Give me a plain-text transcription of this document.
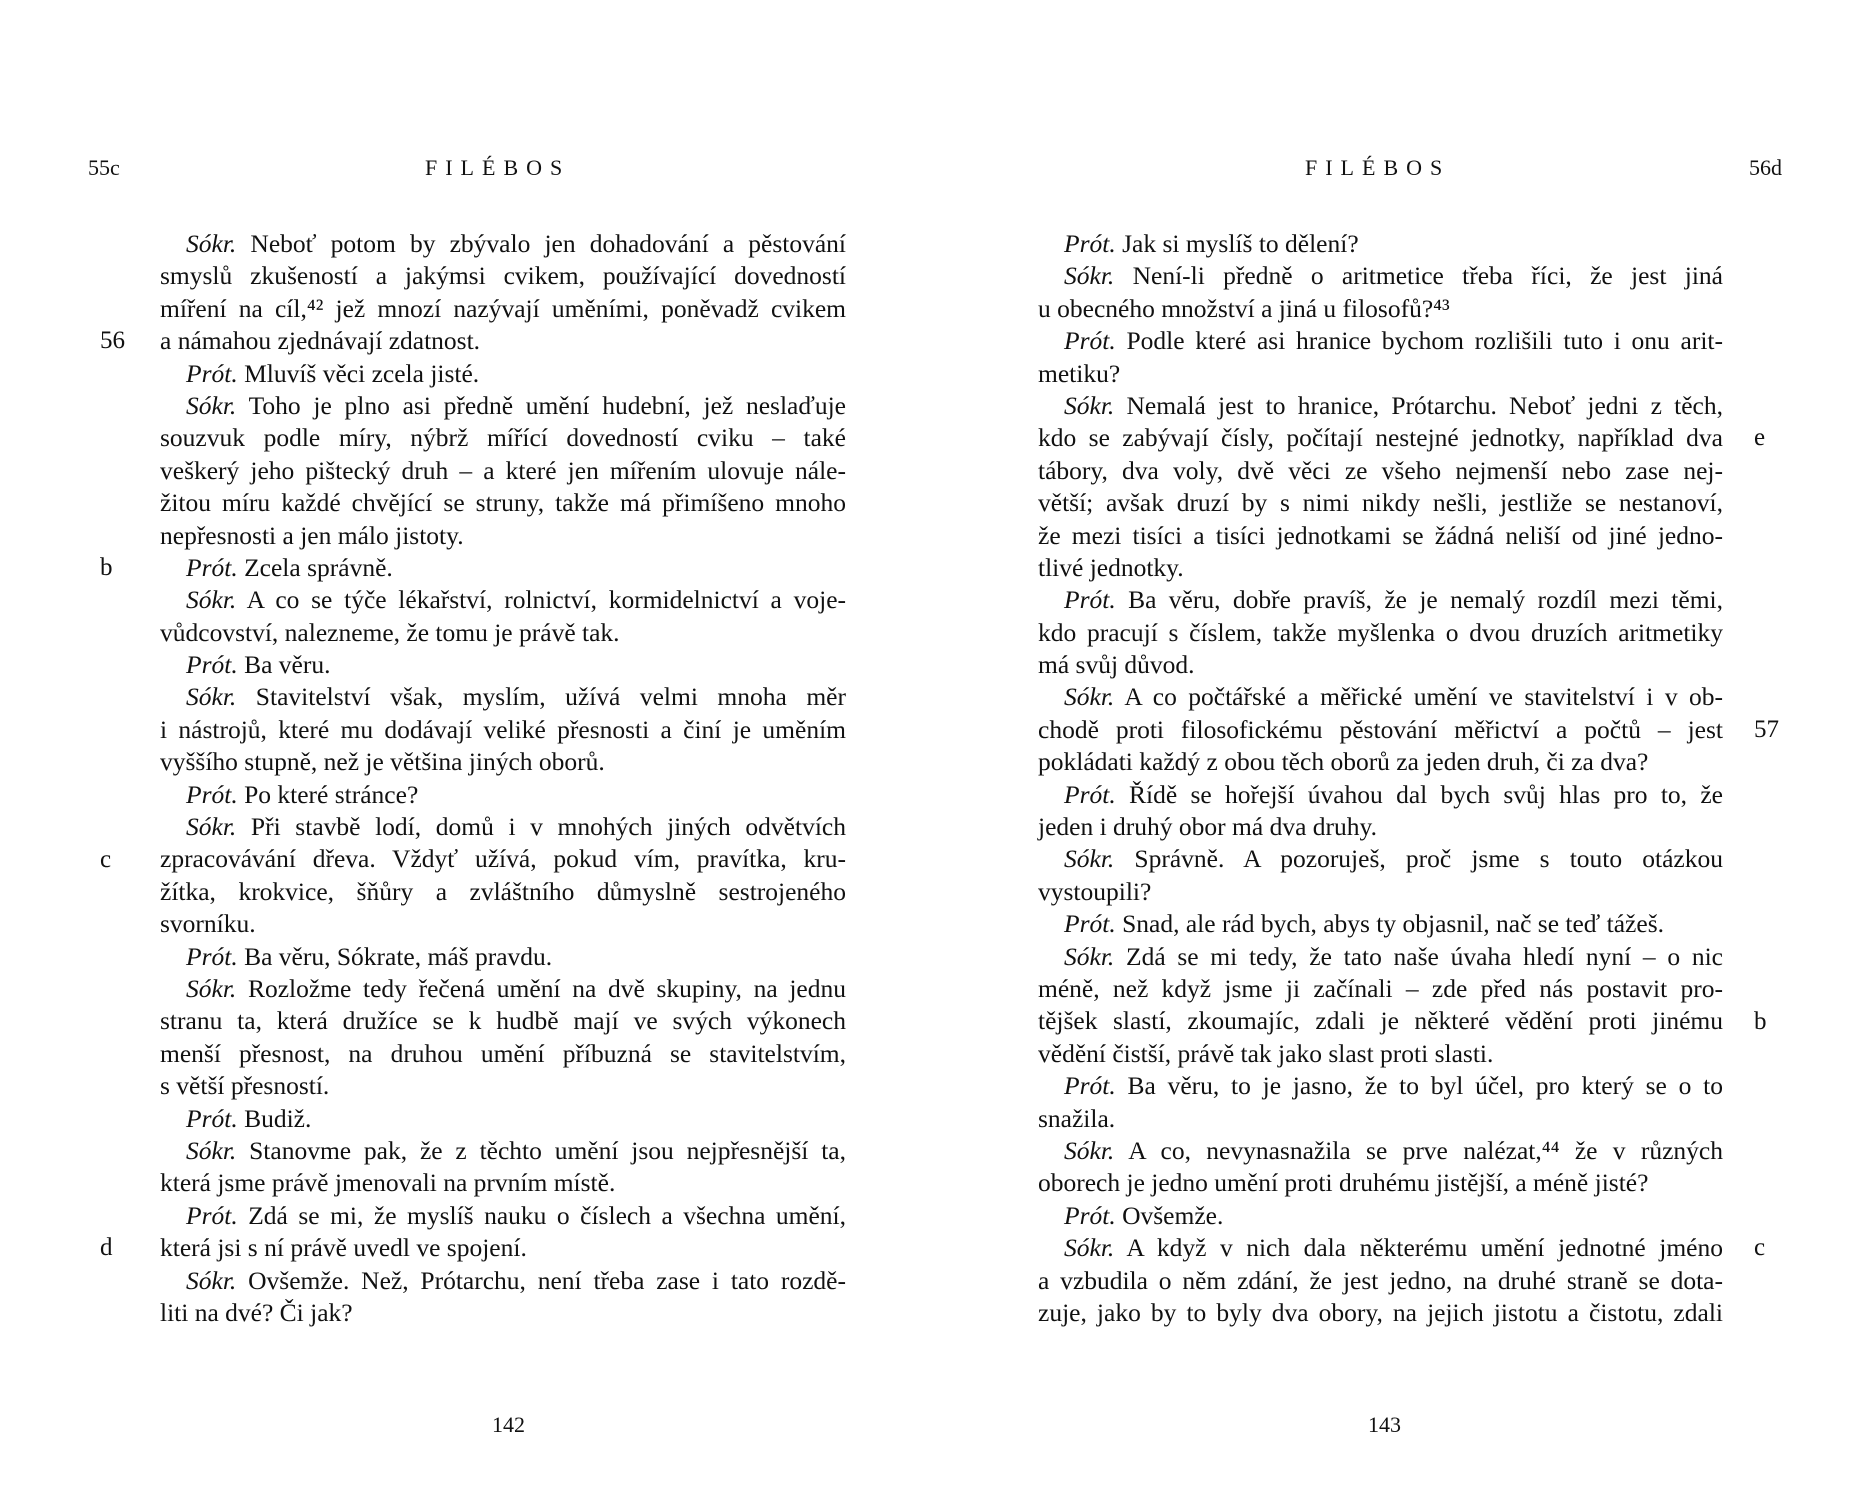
55c	FILÉBOS
Sókr. Neboť potom by zbývalo jen dohadování a pěstování
smyslů zkušeností a jakýmsi cvikem, používající dovedností
míření na cíl,⁴² jež mnozí nazývají uměními, poněvadž cvikem
a námahou zjednávají zdatnost.
Prót. Mluvíš věci zcela jisté.
Sókr. Toho je plno asi předně umění hudební, jež neslaďuje
souzvuk podle míry, nýbrž mířící dovedností cviku – také
veškerý jeho pištecký druh – a které jen mířením ulovuje nále-
žitou míru každé chvějící se struny, takže má přimíšeno mnoho
nepřesnosti a jen málo jistoty.
Prót. Zcela správně.
Sókr. A co se týče lékařství, rolnictví, kormidelnictví a voje-
vůdcovství, nalezneme, že tomu je právě tak.
Prót. Ba věru.
Sókr. Stavitelství však, myslím, užívá velmi mnoha měr
i nástrojů, které mu dodávají veliké přesnosti a činí je uměním
vyššího stupně, než je většina jiných oborů.
Prót. Po které stránce?
Sókr. Při stavbě lodí, domů i v mnohých jiných odvětvích
zpracovávání dřeva. Vždyť užívá, pokud vím, pravítka, kru-
žítka, krokvice, šňůry a zvláštního důmyslně sestrojeného
svorníku.
Prót. Ba věru, Sókrate, máš pravdu.
Sókr. Rozložme tedy řečená umění na dvě skupiny, na jednu
stranu ta, která družíce se k hudbě mají ve svých výkonech
menší přesnost, na druhou umění příbuzná se stavitelstvím,
s větší přesností.
Prót. Budiž.
Sókr. Stanovme pak, že z těchto umění jsou nejpřesnější ta,
která jsme právě jmenovali na prvním místě.
Prót. Zdá se mi, že myslíš nauku o číslech a všechna umění,
která jsi s ní právě uvedl ve spojení.
Sókr. Ovšemže. Než, Prótarchu, není třeba zase i tato rozdě-
liti na dvé? Či jak?
56
b
c
d
142
FILÉBOS	56d
Prót. Jak si myslíš to dělení?
Sókr. Není-li předně o aritmetice třeba říci, že jest jiná
u obecného množství a jiná u filosofů?⁴³
Prót. Podle které asi hranice bychom rozlišili tuto i onu arit-
metiku?
Sókr. Nemalá jest to hranice, Prótarchu. Neboť jedni z těch,
kdo se zabývají čísly, počítají nestejné jednotky, například dva
tábory, dva voly, dvě věci ze všeho nejmenší nebo zase nej-
větší; avšak druzí by s nimi nikdy nešli, jestliže se nestanoví,
že mezi tisíci a tisíci jednotkami se žádná neliší od jiné jedno-
tlivé jednotky.
Prót. Ba věru, dobře pravíš, že je nemalý rozdíl mezi těmi,
kdo pracují s číslem, takže myšlenka o dvou druzích aritmetiky
má svůj důvod.
Sókr. A co počtářské a měřické umění ve stavitelství i v ob-
chodě proti filosofickému pěstování měřictví a počtů – jest
pokládati každý z obou těch oborů za jeden druh, či za dva?
Prót. Řídě se hořejší úvahou dal bych svůj hlas pro to, že
jeden i druhý obor má dva druhy.
Sókr. Správně. A pozoruješ, proč jsme s touto otázkou
vystoupili?
Prót. Snad, ale rád bych, abys ty objasnil, nač se teď tážeš.
Sókr. Zdá se mi tedy, že tato naše úvaha hledí nyní – o nic
méně, než když jsme ji začínali – zde před nás postavit pro-
tějšek slastí, zkoumajíc, zdali je některé vědění proti jinému
vědění čistší, právě tak jako slast proti slasti.
Prót. Ba věru, to je jasno, že to byl účel, pro který se o to
snažila.
Sókr. A co, nevynasnažila se prve nalézat,⁴⁴ že v různých
oborech je jedno umění proti druhému jistější, a méně jisté?
Prót. Ovšemže.
Sókr. A když v nich dala některému umění jednotné jméno
a vzbudila o něm zdání, že jest jedno, na druhé straně se dota-
zuje, jako by to byly dva obory, na jejich jistotu a čistotu, zdali
e
57
b
c
143
